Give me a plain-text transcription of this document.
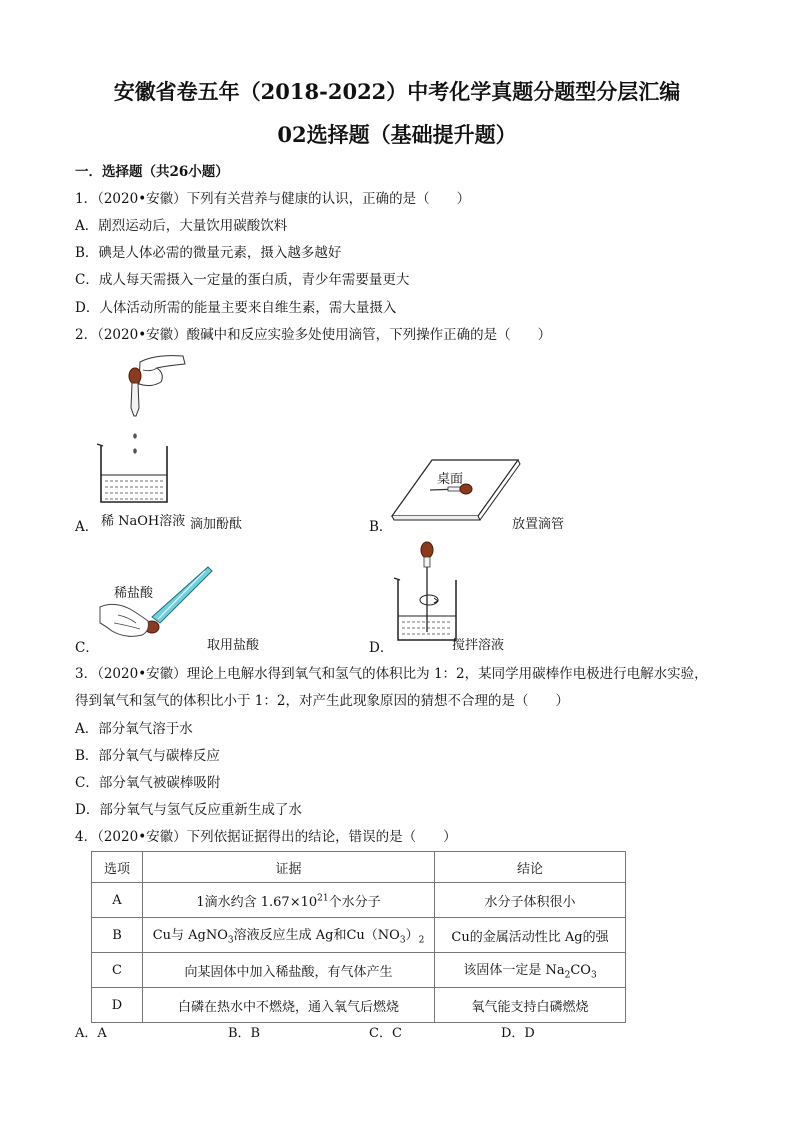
安徽省卷五年（2018-2022）中考化学真题分题型分层汇编
02选择题（基础提升题）
一．选择题（共26小题）
1．（2020•安徽）下列有关营养与健康的认识，正确的是（　　）
A．剧烈运动后，大量饮用碳酸饮料
B．碘是人体必需的微量元素，摄入越多越好
C．成人每天需摄入一定量的蛋白质，青少年需要量更大
D．人体活动所需的能量主要来自维生素，需大量摄入
2．（2020•安徽）酸碱中和反应实验多处使用滴管，下列操作正确的是（　　）
稀 NaOH溶液
A．	滴加酚酞
桌面
B．	放置滴管
稀盐酸
C．	取用盐酸	D．	搅拌溶液
3．（2020•安徽）理论上电解水得到氧气和氢气的体积比为 1：2，某同学用碳棒作电极进行电解水实验，
得到氧气和氢气的体积比小于 1：2，对产生此现象原因的猜想不合理的是（　　）
A．部分氧气溶于水
B．部分氧气与碳棒反应
C．部分氧气被碳棒吸附
D．部分氧气与氢气反应重新生成了水
4．（2020•安徽）下列依据证据得出的结论，错误的是（　　）
选项	证据	结论
A	1滴水约含 $1.67\times 10^{21}$个水分子	水分子体积很小
B	Cu与 AgNO$_3$溶液反应生成 Ag和$Cu(NO_3)_2$	Cu的金属活动性比 Ag的强
C	向某固体中加入稀盐酸，有气体产生	该固体一定是 $Na_2CO_3$
D	白磷在热水中不燃烧，通入氧气后燃烧	氧气能支持白磷燃烧
A．A	B．B	C．C	D．D
